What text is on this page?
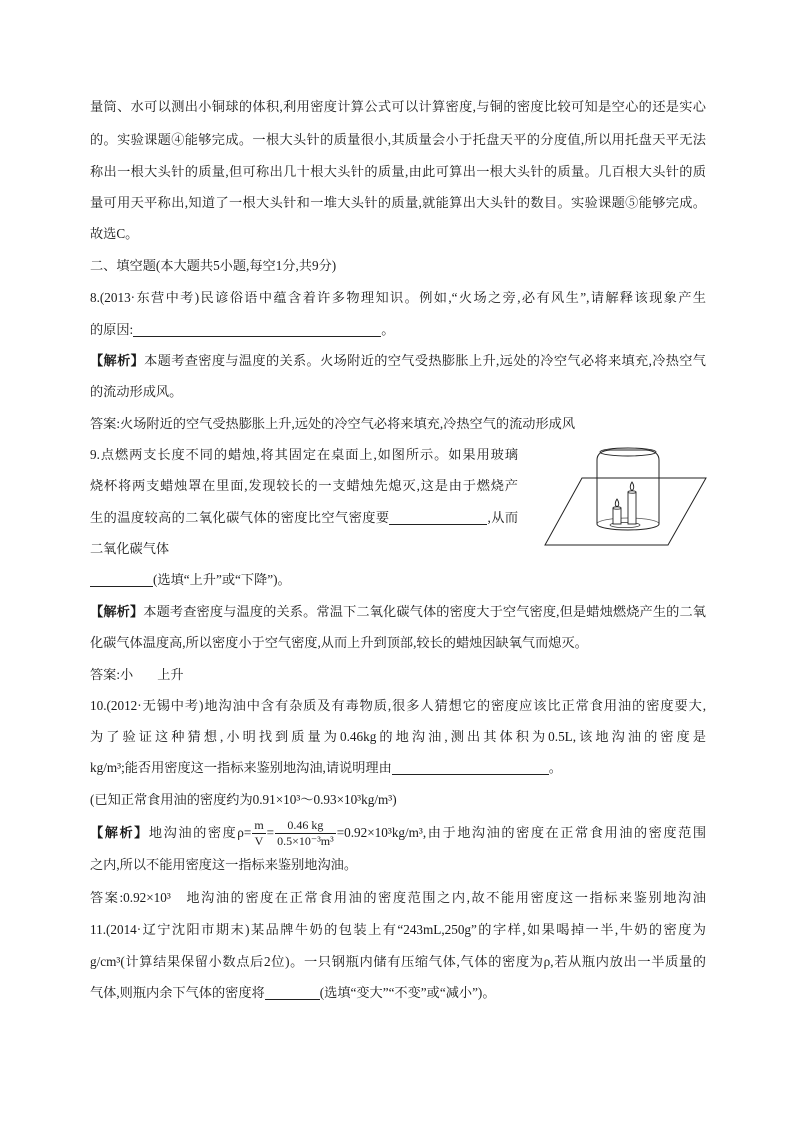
量筒、水可以测出小铜球的体积,利用密度计算公式可以计算密度,与铜的密度比较可知是空心的还是实心
的。实验课题④能够完成。一根大头针的质量很小,其质量会小于托盘天平的分度值,所以用托盘天平无法
称出一根大头针的质量,但可称出几十根大头针的质量,由此可算出一根大头针的质量。几百根大头针的质
量可用天平称出,知道了一根大头针和一堆大头针的质量,就能算出大头针的数目。实验课题⑤能够完成。
故选C。
二、填空题(本大题共5小题,每空1分,共9分)
8.(2013·东营中考)民谚俗语中蕴含着许多物理知识。例如,“火场之旁,必有风生”,请解释该现象产生
的原因:	。
【解析】本题考查密度与温度的关系。火场附近的空气受热膨胀上升,远处的冷空气必将来填充,冷热空气
的流动形成风。
答案:火场附近的空气受热膨胀上升,远处的冷空气必将来填充,冷热空气的流动形成风
9.点燃两支长度不同的蜡烛,将其固定在桌面上,如图所示。如果用玻璃
烧杯将两支蜡烛罩在里面,发现较长的一支蜡烛先熄灭,这是由于燃烧产
生的温度较高的二氧化碳气体的密度比空气密度要	,从而
二氧化碳气体
(选填“上升”或“下降”)。
【解析】本题考查密度与温度的关系。常温下二氧化碳气体的密度大于空气密度,但是蜡烛燃烧产生的二氧
化碳气体温度高,所以密度小于空气密度,从而上升到顶部,较长的蜡烛因缺氧气而熄灭。
答案:小 上升
10.(2012·无锡中考)地沟油中含有杂质及有毒物质,很多人猜想它的密度应该比正常食用油的密度要大,
为了验证这种猜想,小明找到质量为0.46kg的地沟油,测出其体积为0.5L,该地沟油的密度是
kg/m³;能否用密度这一指标来鉴别地沟油,请说明理由	。
(已知正常食用油的密度约为0.91×10³～0.93×10³kg/m³)
【解析】地沟油的密度$\rho= \frac{m}{V} = \frac{0.46 kg}{\text{0.5×10⁻³m³}} =0.92\times 10^3kg/m^3$,由于地沟油的密度在正常食用油的密度范围
之内,所以不能用密度这一指标来鉴别地沟油。
答案:0.92×10³ 地沟油的密度在正常食用油的密度范围之内,故不能用密度这一指标来鉴别地沟油
11.(2014·辽宁沈阳市期末)某品牌牛奶的包装上有“243mL,250g”的字样,如果喝掉一半,牛奶的密度为
g/cm³(计算结果保留小数点后2位)。一只钢瓶内储有压缩气体,气体的密度为ρ,若从瓶内放出一半质量的
气体,则瓶内余下气体的密度将	(选填“变大”“不变”或“减小”)。
